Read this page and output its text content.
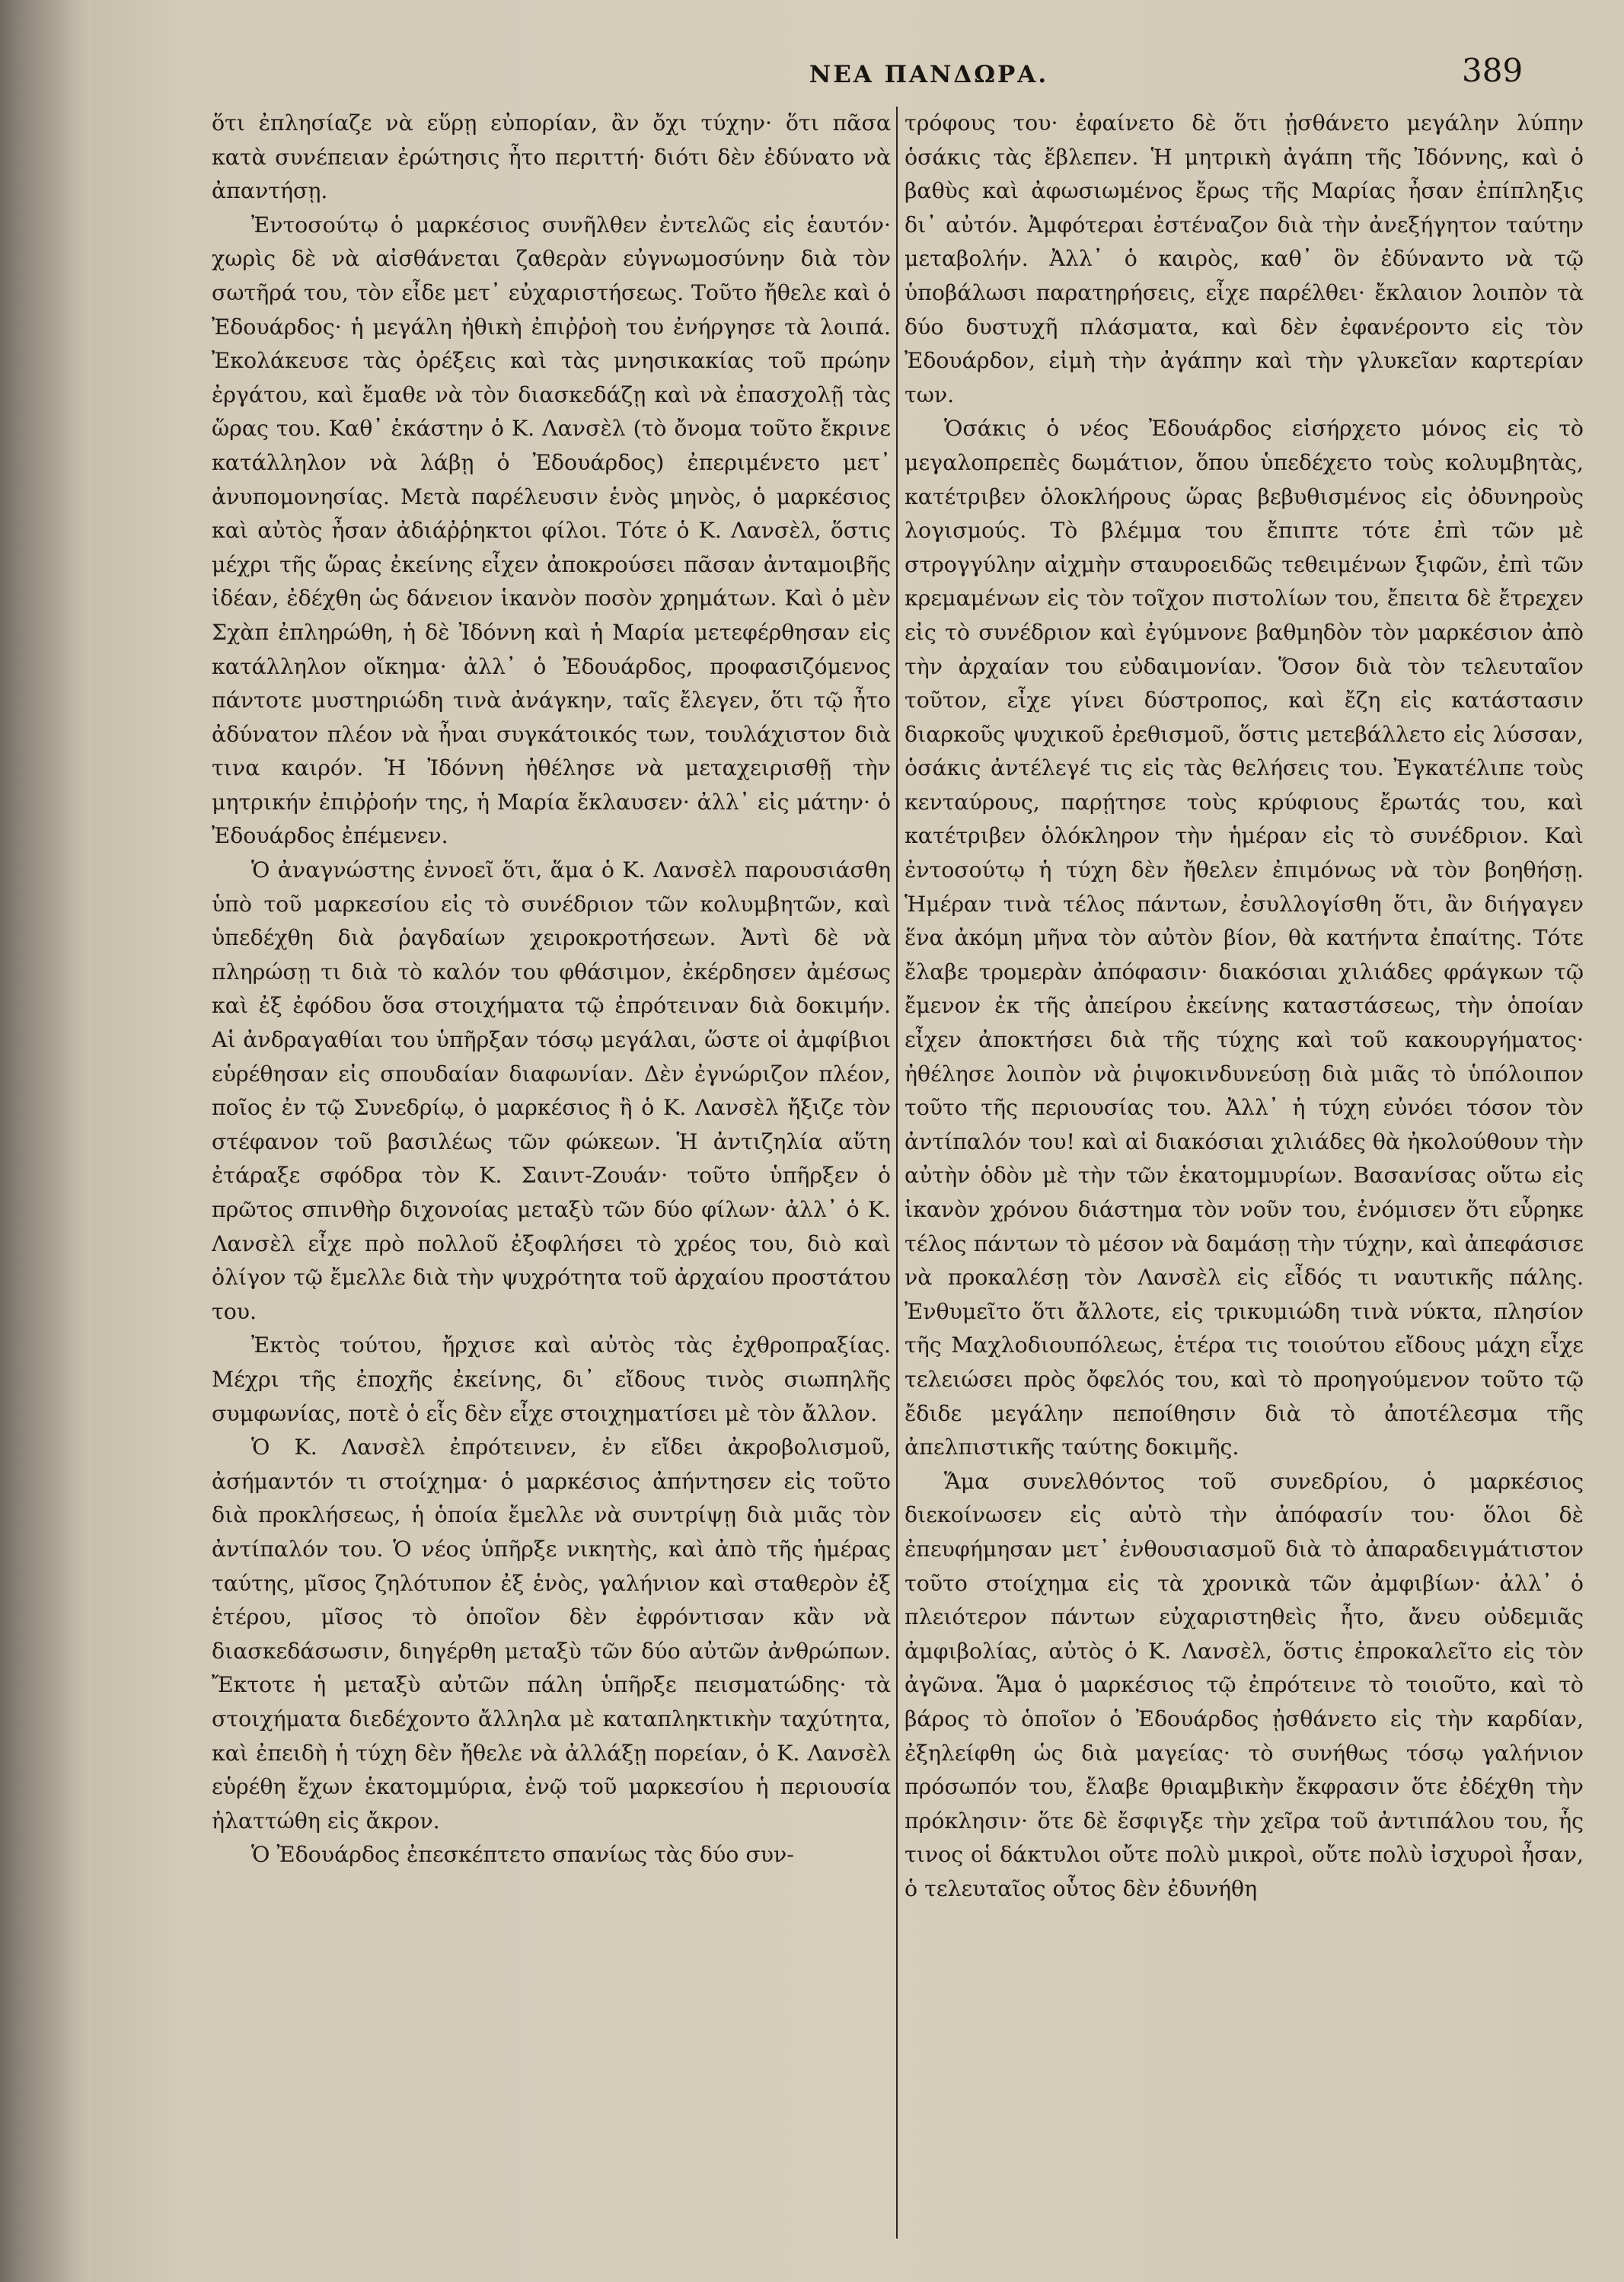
ΝΕΑ ΠΑΝΔΩΡΑ.	389

ὅτι ἐπλησίαζε νὰ εὕρῃ εὐπορίαν, ἂν ὄχι τύχην· ὅτι πᾶσα κατὰ συνέπειαν ἐρώτησις ἦτο περιττή· διότι δὲν ἐδύνατο νὰ ἀπαντήσῃ.

Ἐντοσούτῳ ὁ μαρκέσιος συνῆλθεν ἐντελῶς εἰς ἑαυτόν· χωρὶς δὲ νὰ αἰσθάνεται ζαθερὰν εὐγνωμοσύνην διὰ τὸν σωτῆρά του, τὸν εἶδε μετ᾽ εὐχαριστήσεως. Τοῦτο ἤθελε καὶ ὁ Ἐδουάρδος· ἡ μεγάλη ἠθικὴ ἐπιῤῥοὴ του ἐνήργησε τὰ λοιπά. Ἐκολάκευσε τὰς ὀρέξεις καὶ τὰς μνησικακίας τοῦ πρώην ἐργάτου, καὶ ἔμαθε νὰ τὸν διασκεδάζῃ καὶ νὰ ἐπασχολῇ τὰς ὥρας του. Καθ᾽ ἑκάστην ὁ Κ. Λανσὲλ (τὸ ὄνομα τοῦτο ἔκρινε κατάλληλον νὰ λάβῃ ὁ Ἐδουάρδος) ἐπεριμένετο μετ᾽ ἀνυπομονησίας. Μετὰ παρέλευσιν ἑνὸς μηνὸς, ὁ μαρκέσιος καὶ αὐτὸς ἦσαν ἀδιάῤῥηκτοι φίλοι. Τότε ὁ Κ. Λανσὲλ, ὅστις μέχρι τῆς ὥρας ἐκείνης εἶχεν ἀποκρούσει πᾶσαν ἀνταμοιβῆς ἰδέαν, ἐδέχθη ὡς δάνειον ἱκανὸν ποσὸν χρημάτων. Καὶ ὁ μὲν Σχὰπ ἐπληρώθη, ἡ δὲ Ἰδόννη καὶ ἡ Μαρία μετεφέρθησαν εἰς κατάλληλον οἴκημα· ἀλλ᾽ ὁ Ἐδουάρδος, προφασιζόμενος πάντοτε μυστηριώδη τινὰ ἀνάγκην, ταῖς ἔλεγεν, ὅτι τῷ ἦτο ἀδύνατον πλέον νὰ ἦναι συγκάτοικός των, τουλάχιστον διὰ τινα καιρόν. Ἡ Ἰδόννη ἠθέλησε νὰ μεταχειρισθῇ τὴν μητρικήν ἐπιῤῥοήν της, ἡ Μαρία ἔκλαυσεν· ἀλλ᾽ εἰς μάτην· ὁ Ἐδουάρδος ἐπέμενεν.

Ὁ ἀναγνώστης ἐννοεῖ ὅτι, ἅμα ὁ Κ. Λανσὲλ παρουσιάσθη ὑπὸ τοῦ μαρκεσίου εἰς τὸ συνέδριον τῶν κολυμβητῶν, καὶ ὑπεδέχθη διὰ ῥαγδαίων χειροκροτήσεων. Ἀντὶ δὲ νὰ πληρώσῃ τι διὰ τὸ καλόν του φθάσιμον, ἐκέρδησεν ἀμέσως καὶ ἐξ ἐφόδου ὅσα στοιχήματα τῷ ἐπρότειναν διὰ δοκιμήν. Αἱ ἀνδραγαθίαι του ὑπῆρξαν τόσῳ μεγάλαι, ὥστε οἱ ἀμφίβιοι εὑρέθησαν εἰς σπουδαίαν διαφωνίαν. Δὲν ἐγνώριζον πλέον, ποῖος ἐν τῷ Συνεδρίῳ, ὁ μαρκέσιος ἢ ὁ Κ. Λανσὲλ ἤξιζε τὸν στέφανον τοῦ βασιλέως τῶν φώκεων. Ἡ ἀντιζηλία αὕτη ἐτάραξε σφόδρα τὸν Κ. Σαιντ-Ζουάν· τοῦτο ὑπῆρξεν ὁ πρῶτος σπινθὴρ διχονοίας μεταξὺ τῶν δύο φίλων· ἀλλ᾽ ὁ Κ. Λανσὲλ εἶχε πρὸ πολλοῦ ἐξοφλήσει τὸ χρέος του, διὸ καὶ ὀλίγον τῷ ἔμελλε διὰ τὴν ψυχρότητα τοῦ ἀρχαίου προστάτου του.

Ἐκτὸς τούτου, ἤρχισε καὶ αὐτὸς τὰς ἐχθροπραξίας. Μέχρι τῆς ἐποχῆς ἐκείνης, δι᾽ εἴδους τινὸς σιωπηλῆς συμφωνίας, ποτὲ ὁ εἷς δὲν εἶχε στοιχηματίσει μὲ τὸν ἄλλον.

Ὁ Κ. Λανσὲλ ἐπρότεινεν, ἐν εἴδει ἀκροβολισμοῦ, ἀσήμαντόν τι στοίχημα· ὁ μαρκέσιος ἀπήντησεν εἰς τοῦτο διὰ προκλήσεως, ἡ ὁποία ἔμελλε νὰ συντρίψῃ διὰ μιᾶς τὸν ἀντίπαλόν του. Ὁ νέος ὑπῆρξε νικητὴς, καὶ ἀπὸ τῆς ἡμέρας ταύτης, μῖσος ζηλότυπον ἐξ ἑνὸς, γαλήνιον καὶ σταθερὸν ἐξ ἑτέρου, μῖσος τὸ ὁποῖον δὲν ἐφρόντισαν κἂν νὰ διασκεδάσωσιν, διηγέρθη μεταξὺ τῶν δύο αὐτῶν ἀνθρώπων. Ἔκτοτε ἡ μεταξὺ αὐτῶν πάλη ὑπῆρξε πεισματώδης· τὰ στοιχήματα διεδέχοντο ἄλληλα μὲ καταπληκτικὴν ταχύτητα, καὶ ἐπειδὴ ἡ τύχη δὲν ἤθελε νὰ ἀλλάξῃ πορείαν, ὁ Κ. Λανσὲλ εὑρέθη ἔχων ἑκατομμύρια, ἐνῷ τοῦ μαρκεσίου ἡ περιουσία ἠλαττώθη εἰς ἄκρον.

Ὁ Ἐδουάρδος ἐπεσκέπτετο σπανίως τὰς δύο συν-

τρόφους του· ἐφαίνετο δὲ ὅτι ᾐσθάνετο μεγάλην λύπην ὁσάκις τὰς ἔβλεπεν. Ἡ μητρικὴ ἀγάπη τῆς Ἰδόννης, καὶ ὁ βαθὺς καὶ ἀφωσιωμένος ἔρως τῆς Μαρίας ἦσαν ἐπίπληξις δι᾽ αὐτόν. Ἀμφότεραι ἐστέναζον διὰ τὴν ἀνεξήγητον ταύτην μεταβολήν. Ἀλλ᾽ ὁ καιρὸς, καθ᾽ ὃν ἐδύναντο νὰ τῷ ὑποβάλωσι παρατηρήσεις, εἶχε παρέλθει· ἔκλαιον λοιπὸν τὰ δύο δυστυχῆ πλάσματα, καὶ δὲν ἐφανέροντο εἰς τὸν Ἐδουάρδον, εἰμὴ τὴν ἀγάπην καὶ τὴν γλυκεῖαν καρτερίαν των.

Ὁσάκις ὁ νέος Ἐδουάρδος εἰσήρχετο μόνος εἰς τὸ μεγαλοπρεπὲς δωμάτιον, ὅπου ὑπεδέχετο τοὺς κολυμβητὰς, κατέτριβεν ὁλοκλήρους ὥρας βεβυθισμένος εἰς ὀδυνηροὺς λογισμούς. Τὸ βλέμμα του ἔπιπτε τότε ἐπὶ τῶν μὲ στρογγύλην αἰχμὴν σταυροειδῶς τεθειμένων ξιφῶν, ἐπὶ τῶν κρεμαμένων εἰς τὸν τοῖχον πιστολίων του, ἔπειτα δὲ ἔτρεχεν εἰς τὸ συνέδριον καὶ ἐγύμνονε βαθμηδὸν τὸν μαρκέσιον ἀπὸ τὴν ἀρχαίαν του εὐδαιμονίαν. Ὅσον διὰ τὸν τελευταῖον τοῦτον, εἶχε γίνει δύστροπος, καὶ ἔζη εἰς κατάστασιν διαρκοῦς ψυχικοῦ ἐρεθισμοῦ, ὅστις μετεβάλλετο εἰς λύσσαν, ὁσάκις ἀντέλεγέ τις εἰς τὰς θελήσεις του. Ἐγκατέλιπε τοὺς κενταύρους, παρῄτησε τοὺς κρύφιους ἔρωτάς του, καὶ κατέτριβεν ὁλόκληρον τὴν ἡμέραν εἰς τὸ συνέδριον. Καὶ ἐντοσούτῳ ἡ τύχη δὲν ἤθελεν ἐπιμόνως νὰ τὸν βοηθήσῃ. Ἡμέραν τινὰ τέλος πάντων, ἐσυλλογίσθη ὅτι, ἂν διήγαγεν ἕνα ἀκόμη μῆνα τὸν αὐτὸν βίον, θὰ κατήντα ἐπαίτης. Τότε ἔλαβε τρομερὰν ἀπόφασιν· διακόσιαι χιλιάδες φράγκων τῷ ἔμενον ἐκ τῆς ἀπείρου ἐκείνης καταστάσεως, τὴν ὁποίαν εἶχεν ἀποκτήσει διὰ τῆς τύχης καὶ τοῦ κακουργήματος· ἠθέλησε λοιπὸν νὰ ῥιψοκινδυνεύσῃ διὰ μιᾶς τὸ ὑπόλοιπον τοῦτο τῆς περιουσίας του. Ἀλλ᾽ ἡ τύχη εὐνόει τόσον τὸν ἀντίπαλόν του! καὶ αἱ διακόσιαι χιλιάδες θὰ ἠκολούθουν τὴν αὐτὴν ὁδὸν μὲ τὴν τῶν ἑκατομμυρίων. Βασανίσας οὕτω εἰς ἱκανὸν χρόνου διάστημα τὸν νοῦν του, ἐνόμισεν ὅτι εὗρηκε τέλος πάντων τὸ μέσον νὰ δαμάσῃ τὴν τύχην, καὶ ἀπεφάσισε νὰ προκαλέσῃ τὸν Λανσὲλ εἰς εἶδός τι ναυτικῆς πάλης. Ἐνθυμεῖτο ὅτι ἄλλοτε, εἰς τρικυμιώδη τινὰ νύκτα, πλησίον τῆς Μαχλοδιουπόλεως, ἑτέρα τις τοιούτου εἴδους μάχη εἶχε τελειώσει πρὸς ὄφελός του, καὶ τὸ προηγούμενον τοῦτο τῷ ἔδιδε μεγάλην πεποίθησιν διὰ τὸ ἀποτέλεσμα τῆς ἀπελπιστικῆς ταύτης δοκιμῆς.

Ἅμα συνελθόντος τοῦ συνεδρίου, ὁ μαρκέσιος διεκοίνωσεν εἰς αὐτὸ τὴν ἀπόφασίν του· ὅλοι δὲ ἐπευφήμησαν μετ᾽ ἐνθουσιασμοῦ διὰ τὸ ἀπαραδειγμάτιστον τοῦτο στοίχημα εἰς τὰ χρονικὰ τῶν ἀμφιβίων· ἀλλ᾽ ὁ πλειότερον πάντων εὐχαριστηθεὶς ἦτο, ἄνευ οὐδεμιᾶς ἀμφιβολίας, αὐτὸς ὁ Κ. Λανσὲλ, ὅστις ἐπροκαλεῖτο εἰς τὸν ἀγῶνα. Ἅμα ὁ μαρκέσιος τῷ ἐπρότεινε τὸ τοιοῦτο, καὶ τὸ βάρος τὸ ὁποῖον ὁ Ἐδουάρδος ᾐσθάνετο εἰς τὴν καρδίαν, ἐξηλείφθη ὡς διὰ μαγείας· τὸ συνήθως τόσῳ γαλήνιον πρόσωπόν του, ἔλαβε θριαμβικὴν ἔκφρασιν ὅτε ἐδέχθη τὴν πρόκλησιν· ὅτε δὲ ἔσφιγξε τὴν χεῖρα τοῦ ἀντιπάλου του, ἧς τινος οἱ δάκτυλοι οὔτε πολὺ μικροὶ, οὔτε πολὺ ἰσχυροὶ ἦσαν, ὁ τελευταῖος οὗτος δὲν ἐδυνήθη
